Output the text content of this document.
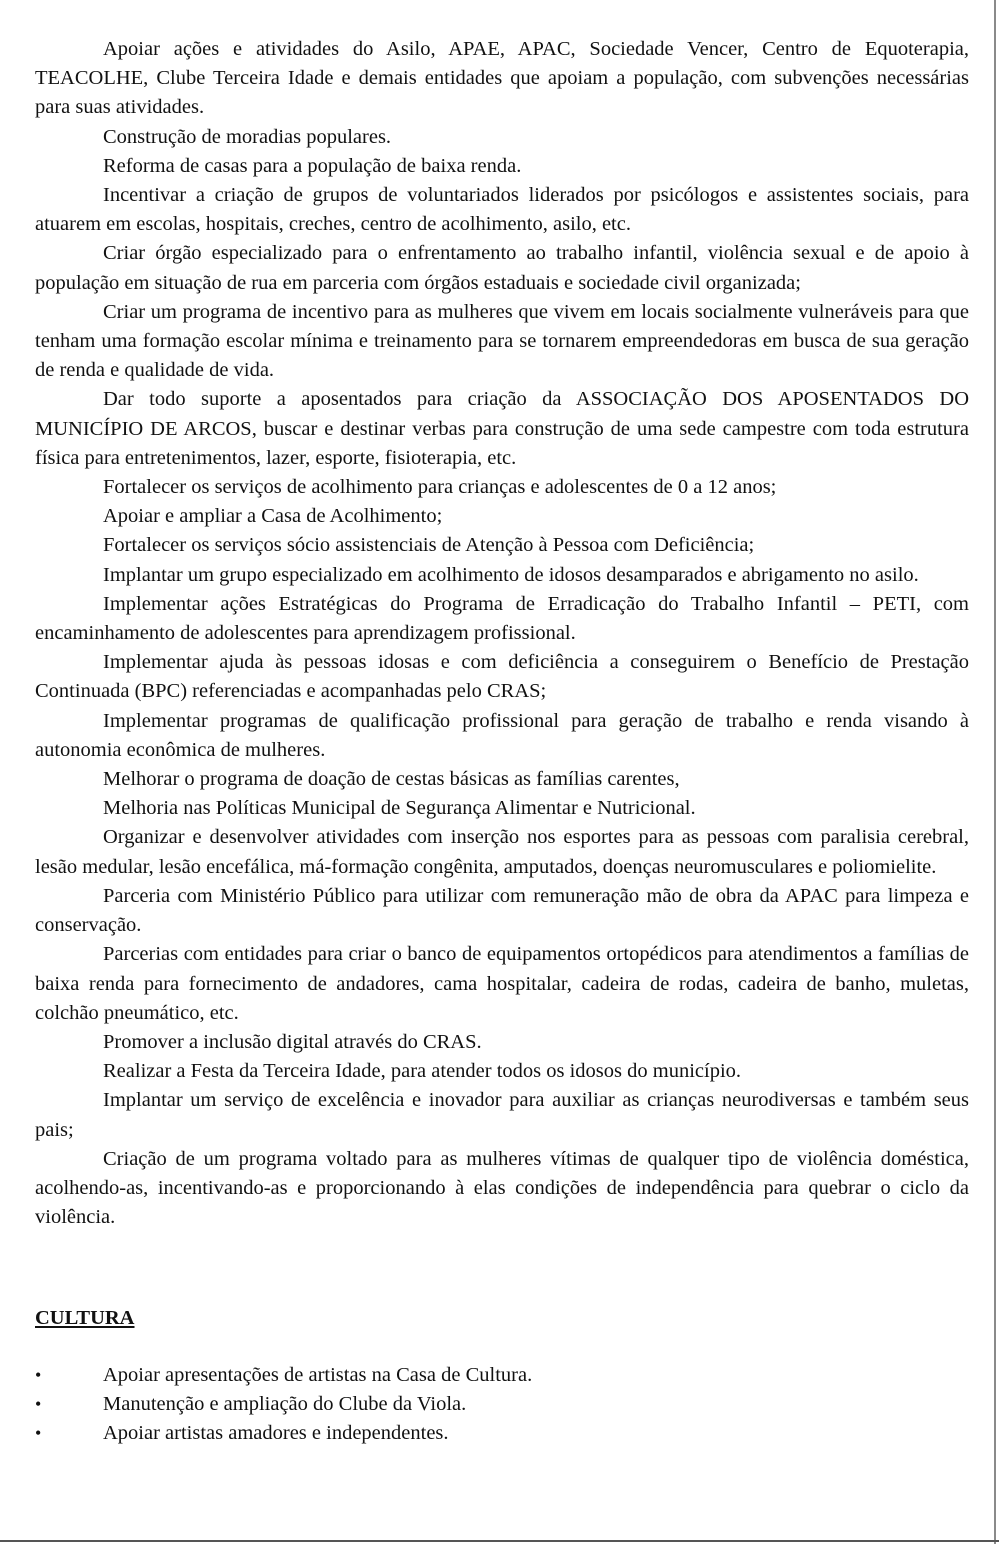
Apoiar ações e atividades do Asilo, APAE, APAC, Sociedade Vencer, Centro de Equoterapia, TEACOLHE, Clube Terceira Idade e demais entidades que apoiam a população, com subvenções necessárias para suas atividades.
Construção de moradias populares.
Reforma de casas para a população de baixa renda.
Incentivar a criação de grupos de voluntariados liderados por psicólogos e assistentes sociais, para atuarem em escolas, hospitais, creches, centro de acolhimento, asilo, etc.
Criar órgão especializado para o enfrentamento ao trabalho infantil, violência sexual e de apoio à população em situação de rua em parceria com órgãos estaduais e sociedade civil organizada;
Criar um programa de incentivo para as mulheres que vivem em locais socialmente vulneráveis para que tenham uma formação escolar mínima e treinamento para se tornarem empreendedoras em busca de sua geração de renda e qualidade de vida.
Dar todo suporte a aposentados para criação da ASSOCIAÇÃO DOS APOSENTADOS DO MUNICÍPIO DE ARCOS, buscar e destinar verbas para construção de uma sede campestre com toda estrutura física para entretenimentos, lazer, esporte, fisioterapia, etc.
Fortalecer os serviços de acolhimento para crianças e adolescentes de 0 a 12 anos;
Apoiar e ampliar a Casa de Acolhimento;
Fortalecer os serviços sócio assistenciais de Atenção à Pessoa com Deficiência;
Implantar um grupo especializado em acolhimento de idosos desamparados e abrigamento no asilo.
Implementar ações Estratégicas do Programa de Erradicação do Trabalho Infantil – PETI, com encaminhamento de adolescentes para aprendizagem profissional.
Implementar ajuda às pessoas idosas e com deficiência a conseguirem o Benefício de Prestação Continuada (BPC) referenciadas e acompanhadas pelo CRAS;
Implementar programas de qualificação profissional para geração de trabalho e renda visando à autonomia econômica de mulheres.
Melhorar o programa de doação de cestas básicas as famílias carentes,
Melhoria nas Políticas Municipal de Segurança Alimentar e Nutricional.
Organizar e desenvolver atividades com inserção nos esportes para as pessoas com paralisia cerebral, lesão medular, lesão encefálica, má-formação congênita, amputados, doenças neuromusculares e poliomielite.
Parceria com Ministério Público para utilizar com remuneração mão de obra da APAC para limpeza e conservação.
Parcerias com entidades para criar o banco de equipamentos ortopédicos para atendimentos a famílias de baixa renda para fornecimento de andadores, cama hospitalar, cadeira de rodas, cadeira de banho, muletas, colchão pneumático, etc.
Promover a inclusão digital através do CRAS.
Realizar a Festa da Terceira Idade, para atender todos os idosos do município.
Implantar um serviço de excelência e inovador para auxiliar as crianças neurodiversas e também seus pais;
Criação de um programa voltado para as mulheres vítimas de qualquer tipo de violência doméstica, acolhendo-as, incentivando-as e proporcionando à elas condições de independência para quebrar o ciclo da violência.
CULTURA
•	Apoiar apresentações de artistas na Casa de Cultura.
•	Manutenção e ampliação do Clube da Viola.
•	Apoiar artistas amadores e independentes.
